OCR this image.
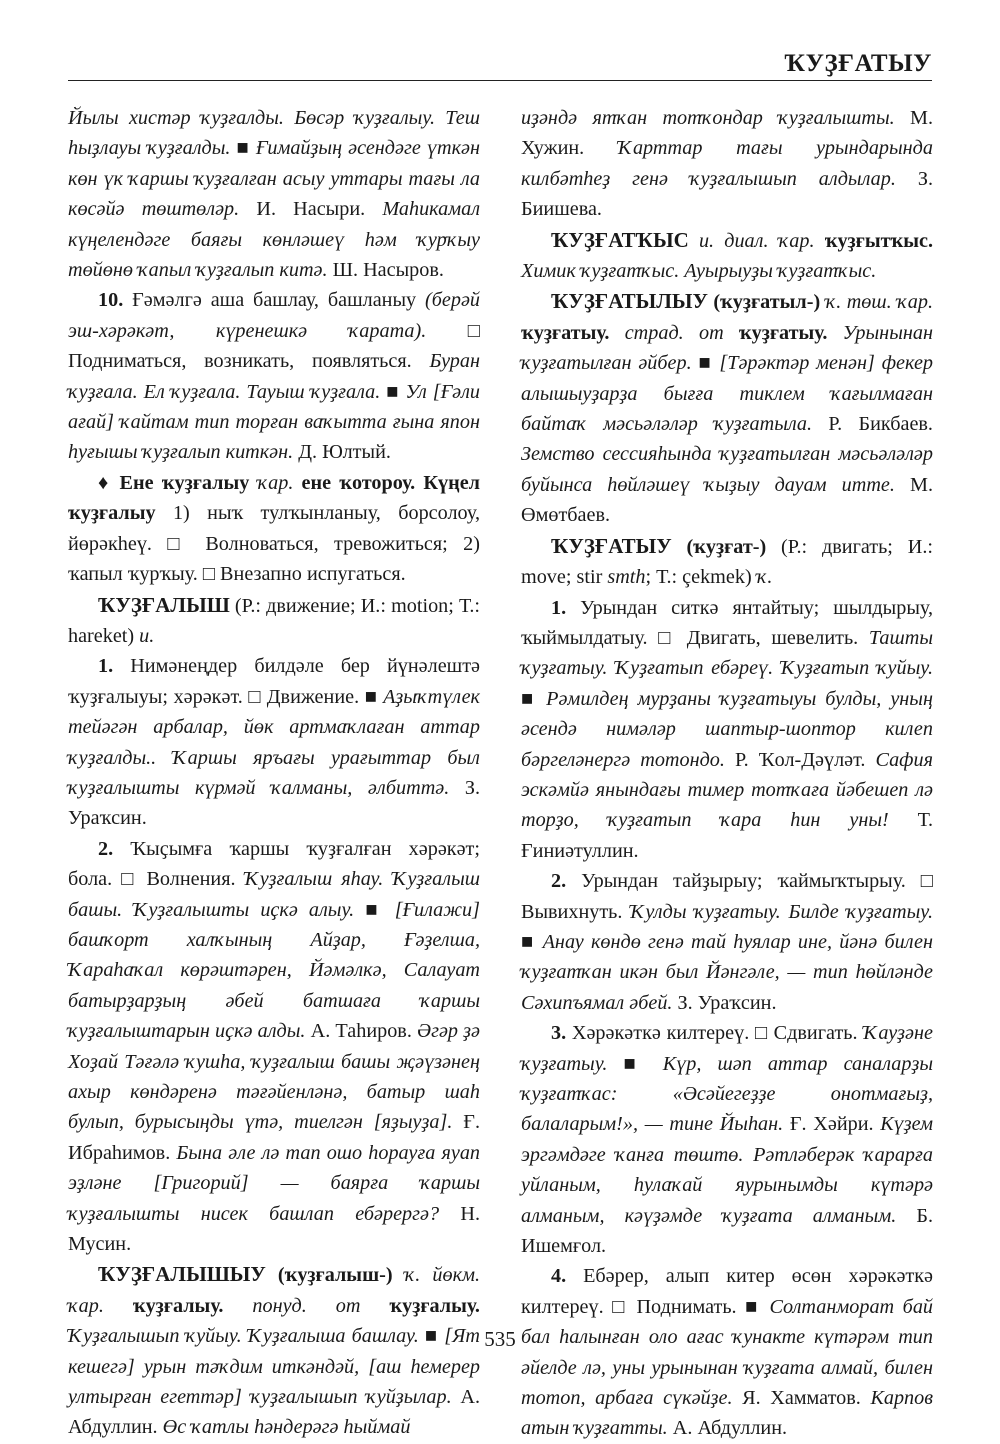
ҠУҘҒАТЫУ

Йылы хистәр ҡуҙғалды. Бөсәр ҡуҙғалыу. Теш һыҙлауы ҡуҙғалды. ■ Ғимайҙың әсендәге үткән көн үк ҡаршы ҡуҙғалған асыу уттары тағы ла көсәйә төштөләр. И. Насыри. Маһикамал күңелендәге баяғы көнләшеү һәм ҡурҡыу төйөнө ҡапыл ҡуҙғалып китә. Ш. Насыров.

10. Ғәмәлгә аша башлау, башланыу (берәй эш-хәрәкәт, күренешкә ҡарата). □ Подниматься, возникать, появляться. Буран ҡуҙғала. Ел ҡуҙғала. Тауыш ҡуҙғала. ■ Ул [Ғәли ағай] ҡайтам тип торған ваҡытта ғына япон һуғышы ҡуҙғалып киткән. Д. Юлтый.

♦ Ене ҡуҙғалыу ҡар. ене ҡотороу. Күңел ҡуҙғалыу 1) ныҡ тулҡынланыу, борсолоу, йөрәкһеү. □ Волноваться, тревожиться; 2) ҡапыл ҡурҡыу. □ Внезапно испугаться.

ҠУҘҒАЛЫШ (Р.: движение; И.: motion; Т.: hareket) и.

1. Нимәнеңдер билдәле бер йүнәлештә ҡуҙғалыуы; хәрәкәт. □ Движение. ■ Аҙыҡтүлек тейәгән арбалар, йөк артмаҡлаған аттар ҡуҙғалды.. Ҡаршы яръағы урағыттар был ҡуҙғалышты күрмәй ҡалманы, әлбиттә. З. Ураҡсин.

2. Ҡыҫымға ҡаршы ҡуҙғалған хәрәкәт; бола. □ Волнения. Ҡуҙғалыш яһау. Ҡуҙғалыш башы. Ҡуҙғалышты иҫкә алыу. ■ [Ғилажи] башҡорт халҡының Айҙар, Ғәҙелша, Ҡараһаҡал көрәштәрен, Йәмәлкә, Салауат батырҙарҙың әбей батшаға ҡаршы ҡуҙғалыштарын иҫкә алды. А. Таһиров. Әгәр ҙә Хоҙай Тәғәлә ҡушһа, ҡуҙғалыш башы җәүзәнең ахыр көндәренә тәғәйенләнә, батыр шаһ булып, бурысыңды үтә, тиелгән [яҙыуҙа]. Ғ. Ибраһимов. Бына әле лә тап ошо һорауға яуап эҙләне [Григорий] — баярға ҡаршы ҡуҙғалышты нисек башлап ебәрергә? Н. Мусин.

ҠУҘҒАЛЫШЫУ (ҡуҙғалыш-) ҡ. йөкм. ҡар. ҡуҙғалыу. понуд. от ҡуҙғалыу. Ҡуҙғалышып ҡуйыу. Ҡуҙғалыша башлау. ■ [Ят кешегә] урын тәҡдим иткәндәй, [аш һемерер ултырған егеттәр] ҡуҙғалышып ҡуйҙылар. А. Абдуллин. Өс ҡатлы һәндерәгә һыймай

иҙәндә ятҡан тотҡондар ҡуҙғалышты. М. Хужин. Ҡарттар тағы урындарында килбәтһеҙ генә ҡуҙғалышып алдылар. З. Биишева.

ҠУҘҒАТҠЫС и. диал. ҡар. ҡуҙғытҡыс. Химик ҡуҙғатҡыс. Ауырыуҙы ҡуҙғатҡыс.

ҠУҘҒАТЫЛЫУ (ҡуҙғатыл-) ҡ. төш. ҡар. ҡуҙғатыу. страд. от ҡуҙғатыу. Урынынан ҡуҙғатылған әйбер. ■ [Тәрәктәр менән] фекер алышыуҙарҙа бығға тиклем ҡағылмаған байтаҡ мәсьәләләр ҡуҙғатыла. Р. Бикбаев. Земство сессияһында ҡуҙғатылған мәсьәләләр буйынса һөйләшеү ҡыҙыу дауам итте. М. Өмөтбаев.

ҠУҘҒАТЫУ (ҡуҙғат-) (Р.: двигать; И.: move; stir smth; Т.: çekmek) ҡ.

1. Урындан ситкә янтайтыу; шылдырыу, ҡыймылдатыу. □ Двигать, шевелить. Ташты ҡуҙғатыу. Ҡуҙғатып ебәреү. Ҡуҙғатып ҡуйыу. ■ Рәмилдең мурҙаны ҡуҙғатыуы булды, уның әсендә нимәләр шаптыр-шоптор килеп бәргеләнергә тотондо. Р. Ҡол-Дәүләт. Сафия эскәмйә янындағы тимер тотҡаға йәбешеп лә торҙо, ҡуҙғатып ҡара һин уны! Т. Ғиниәтуллин.

2. Урындан тайҙырыу; ҡаймыҡтырыу. □ Вывихнуть. Ҡулды ҡуҙғатыу. Билде ҡуҙғатыу. ■ Анау көндө генә тай һуялар ине, йәнә билен ҡуҙғатҡан икән был Йәнгәле, — тип һөйләнде Сәхипъямал әбей. З. Ураҡсин.

3. Хәрәкәткә килтереү. □ Сдвигать. Ҡауҙәне ҡуҙғатыу. ■ Күр, шәп аттар саналарҙы ҡуҙғатҡас: «Әсәйегеҙҙе онотмағыҙ, балаларым!», — тине Йыһан. Ғ. Хәйри. Күҙем эргәмдәге ҡанға төштө. Рәтләберәк ҡарарға уйланым, һулаҡай яурынымды күтәрә алманым, кәүҙәмде ҡуҙғата алманым. Б. Ишемғол.

4. Ебәрер, алып китер өсөн хәрәкәткә килтереү. □ Поднимать. ■ Солтанморат бай бал һалынған оло ағас ҡунакте күтәрәм тип әйелде лә, уны урынынан ҡуҙғата алмай, билен тотоп, арбаға сүкәйҙе. Я. Хамматов. Карпов атын ҡуҙғатты. А. Абдуллин.

535
